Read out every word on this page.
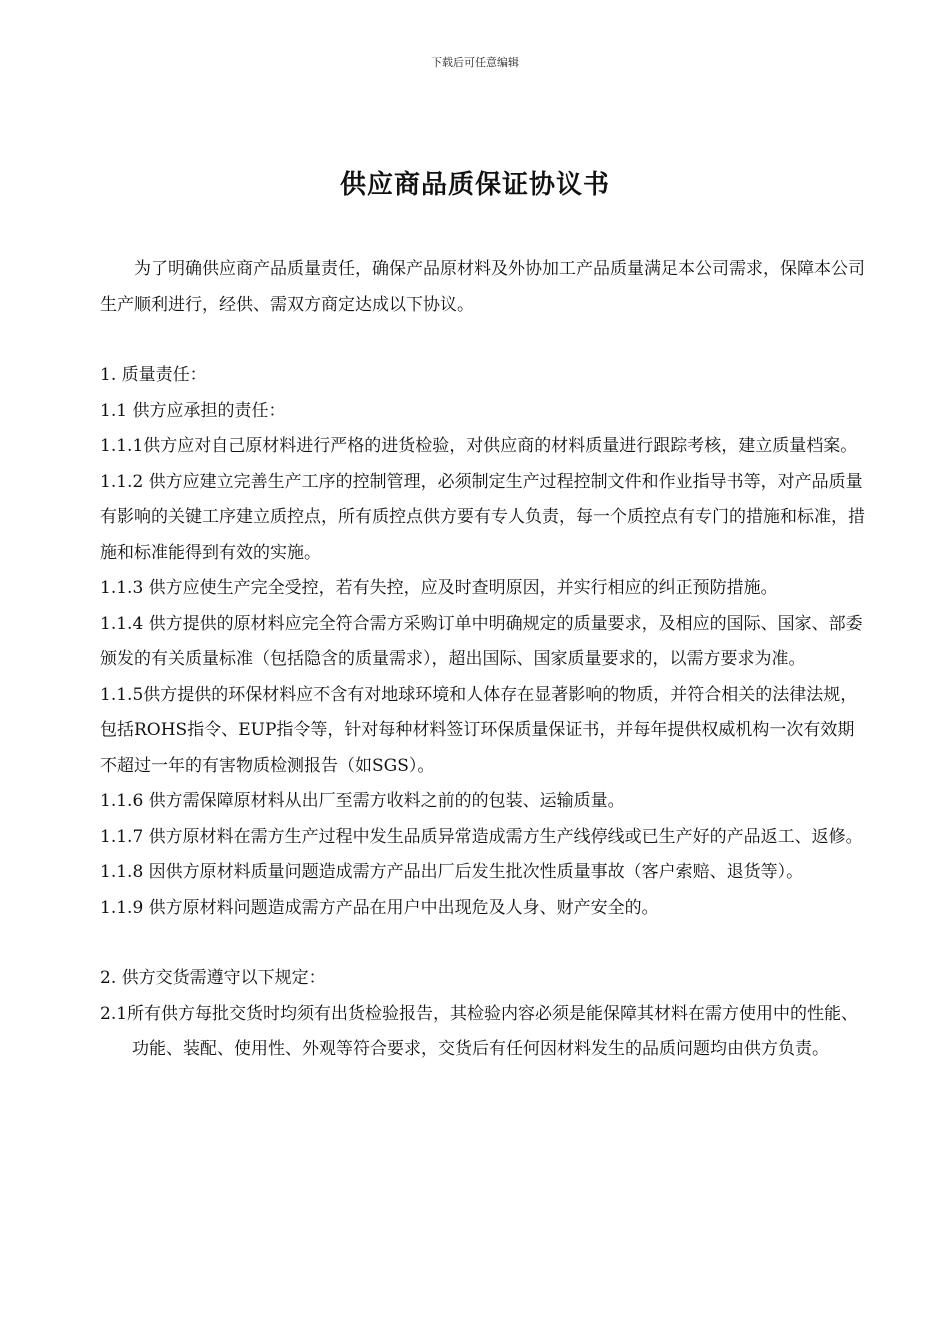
下载后可任意编辑
供应商品质保证协议书

为了明确供应商产品质量责任，确保产品原材料及外协加工产品质量满足本公司需求，保障本公司生产顺利进行，经供、需双方商定达成以下协议。

1. 质量责任：

1.1 供方应承担的责任：

1.1.1供方应对自己原材料进行严格的进货检验，对供应商的材料质量进行跟踪考核，建立质量档案。

1.1.2 供方应建立完善生产工序的控制管理，必须制定生产过程控制文件和作业指导书等，对产品质量有影响的关键工序建立质控点，所有质控点供方要有专人负责，每一个质控点有专门的措施和标准，措施和标准能得到有效的实施。

1.1.3 供方应使生产完全受控，若有失控，应及时查明原因，并实行相应的纠正预防措施。

1.1.4 供方提供的原材料应完全符合需方采购订单中明确规定的质量要求，及相应的国际、国家、部委颁发的有关质量标准（包括隐含的质量需求），超出国际、国家质量要求的，以需方要求为准。

1.1.5供方提供的环保材料应不含有对地球环境和人体存在显著影响的物质，并符合相关的法律法规，包括ROHS指令、EUP指令等，针对每种材料签订环保质量保证书，并每年提供权威机构一次有效期不超过一年的有害物质检测报告（如SGS）。

1.1.6 供方需保障原材料从出厂至需方收料之前的的包装、运输质量。

1.1.7 供方原材料在需方生产过程中发生品质异常造成需方生产线停线或已生产好的产品返工、返修。

1.1.8 因供方原材料质量问题造成需方产品出厂后发生批次性质量事故（客户索赔、退货等）。

1.1.9 供方原材料问题造成需方产品在用户中出现危及人身、财产安全的。

2. 供方交货需遵守以下规定：

2.1所有供方每批交货时均须有出货检验报告，其检验内容必须是能保障其材料在需方使用中的性能、功能、装配、使用性、外观等符合要求，交货后有任何因材料发生的品质问题均由供方负责。
